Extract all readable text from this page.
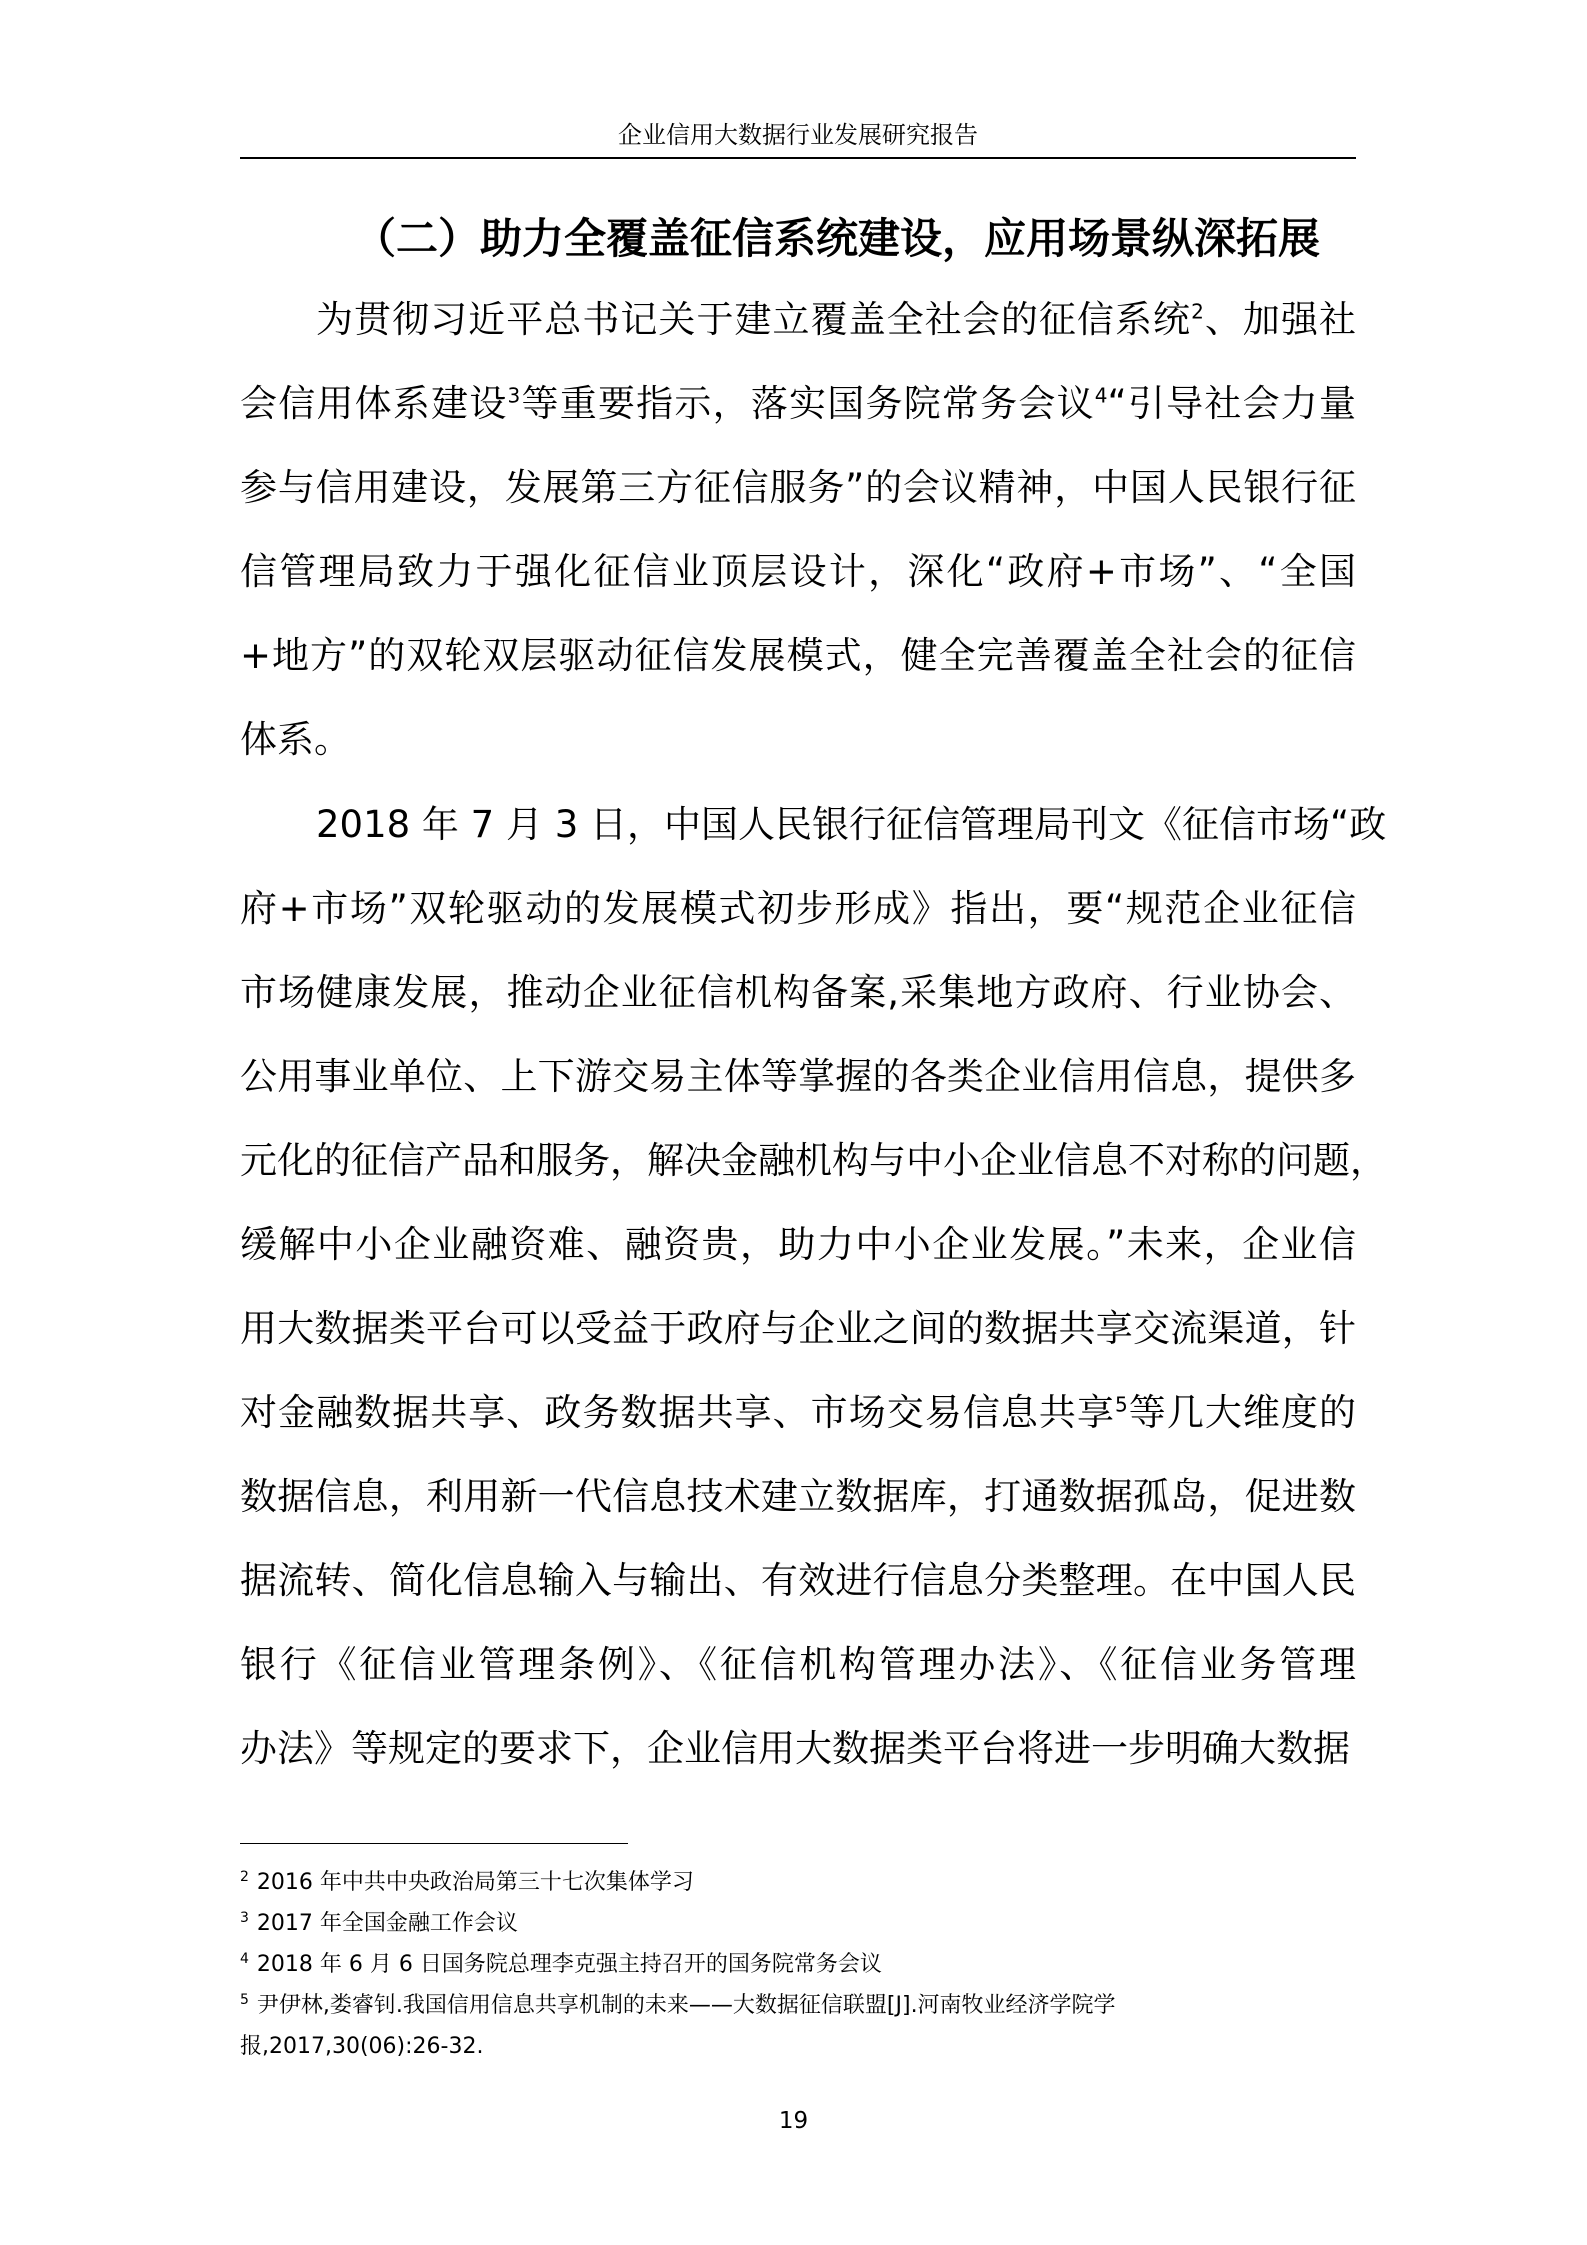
企业信用大数据行业发展研究报告
（二）助力全覆盖征信系统建设，应用场景纵深拓展
为贯彻习近平总书记关于建立覆盖全社会的征信系统$^2$、加强社
会信用体系建设$^3$等重要指示，落实国务院常务会议$^4$“引导社会力量
参与信用建设，发展第三方征信服务”的会议精神，中国人民银行征
信管理局致力于强化征信业顶层设计，深化“政府+市场”、“全国
+地方”的双轮双层驱动征信发展模式，健全完善覆盖全社会的征信
体系。
2018 年 7 月 3 日，中国人民银行征信管理局刊文《征信市场“政
府+市场”双轮驱动的发展模式初步形成》指出，要“规范企业征信
市场健康发展，推动企业征信机构备案,采集地方政府、行业协会、
公用事业单位、上下游交易主体等掌握的各类企业信用信息，提供多
元化的征信产品和服务，解决金融机构与中小企业信息不对称的问题，
缓解中小企业融资难、融资贵，助力中小企业发展。”未来，企业信
用大数据类平台可以受益于政府与企业之间的数据共享交流渠道，针
对金融数据共享、政务数据共享、市场交易信息共享$^5$等几大维度的
数据信息，利用新一代信息技术建立数据库，打通数据孤岛，促进数
据流转、简化信息输入与输出、有效进行信息分类整理。在中国人民
银行《征信业管理条例》、《征信机构管理办法》、《征信业务管理
办法》等规定的要求下，企业信用大数据类平台将进一步明确大数据
$^2$ 2016 年中共中央政治局第三十七次集体学习
$^3$ 2017 年全国金融工作会议
$^4$ 2018 年 6 月 6 日国务院总理李克强主持召开的国务院常务会议
$^5$ 尹伊林,娄睿钊.我国信用信息共享机制的未来——大数据征信联盟[J].河南牧业经济学院学
报,2017,30(06):26-32.
19
